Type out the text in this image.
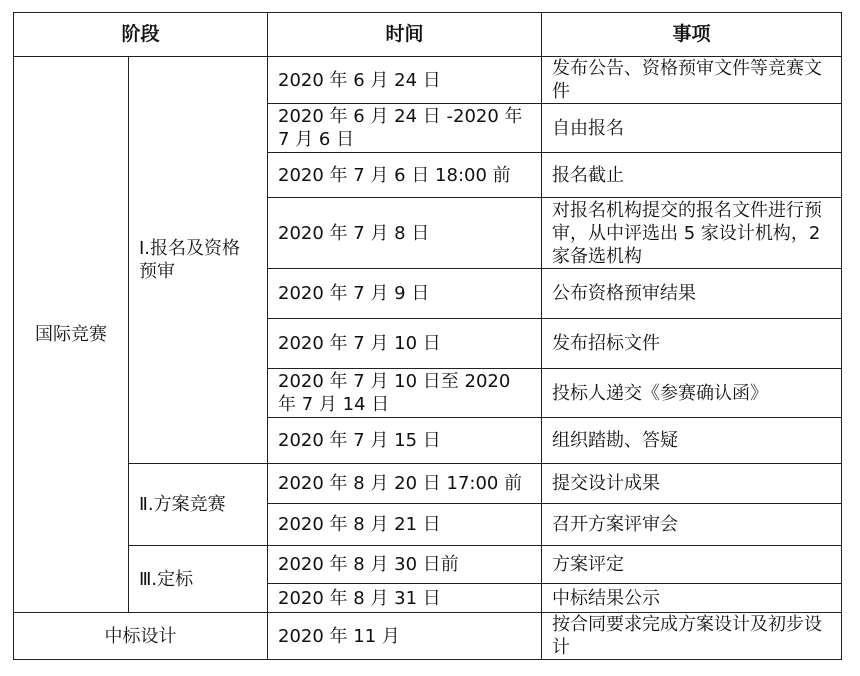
阶段		时间	事项
国际竞赛	Ⅰ.报名及资格预审	2020 年 6 月 24 日	发布公告、资格预审文件等竞赛文件
		2020 年 6 月 24 日 -2020 年 7 月 6 日	自由报名
		2020 年 7 月 6 日 18:00 前	报名截止
		2020 年 7 月 8 日	对报名机构提交的报名文件进行预审，从中评选出 5 家设计机构，2 家备选机构
		2020 年 7 月 9 日	公布资格预审结果
		2020 年 7 月 10 日	发布招标文件
		2020 年 7 月 10 日至 2020 年 7 月 14 日	投标人递交《参赛确认函》
		2020 年 7 月 15 日	组织踏勘、答疑
	Ⅱ.方案竞赛	2020 年 8 月 20 日 17:00 前	提交设计成果
		2020 年 8 月 21 日	召开方案评审会
	Ⅲ.定标	2020 年 8 月 30 日前	方案评定
		2020 年 8 月 31 日	中标结果公示
中标设计		2020 年 11 月	按合同要求完成方案设计及初步设计
